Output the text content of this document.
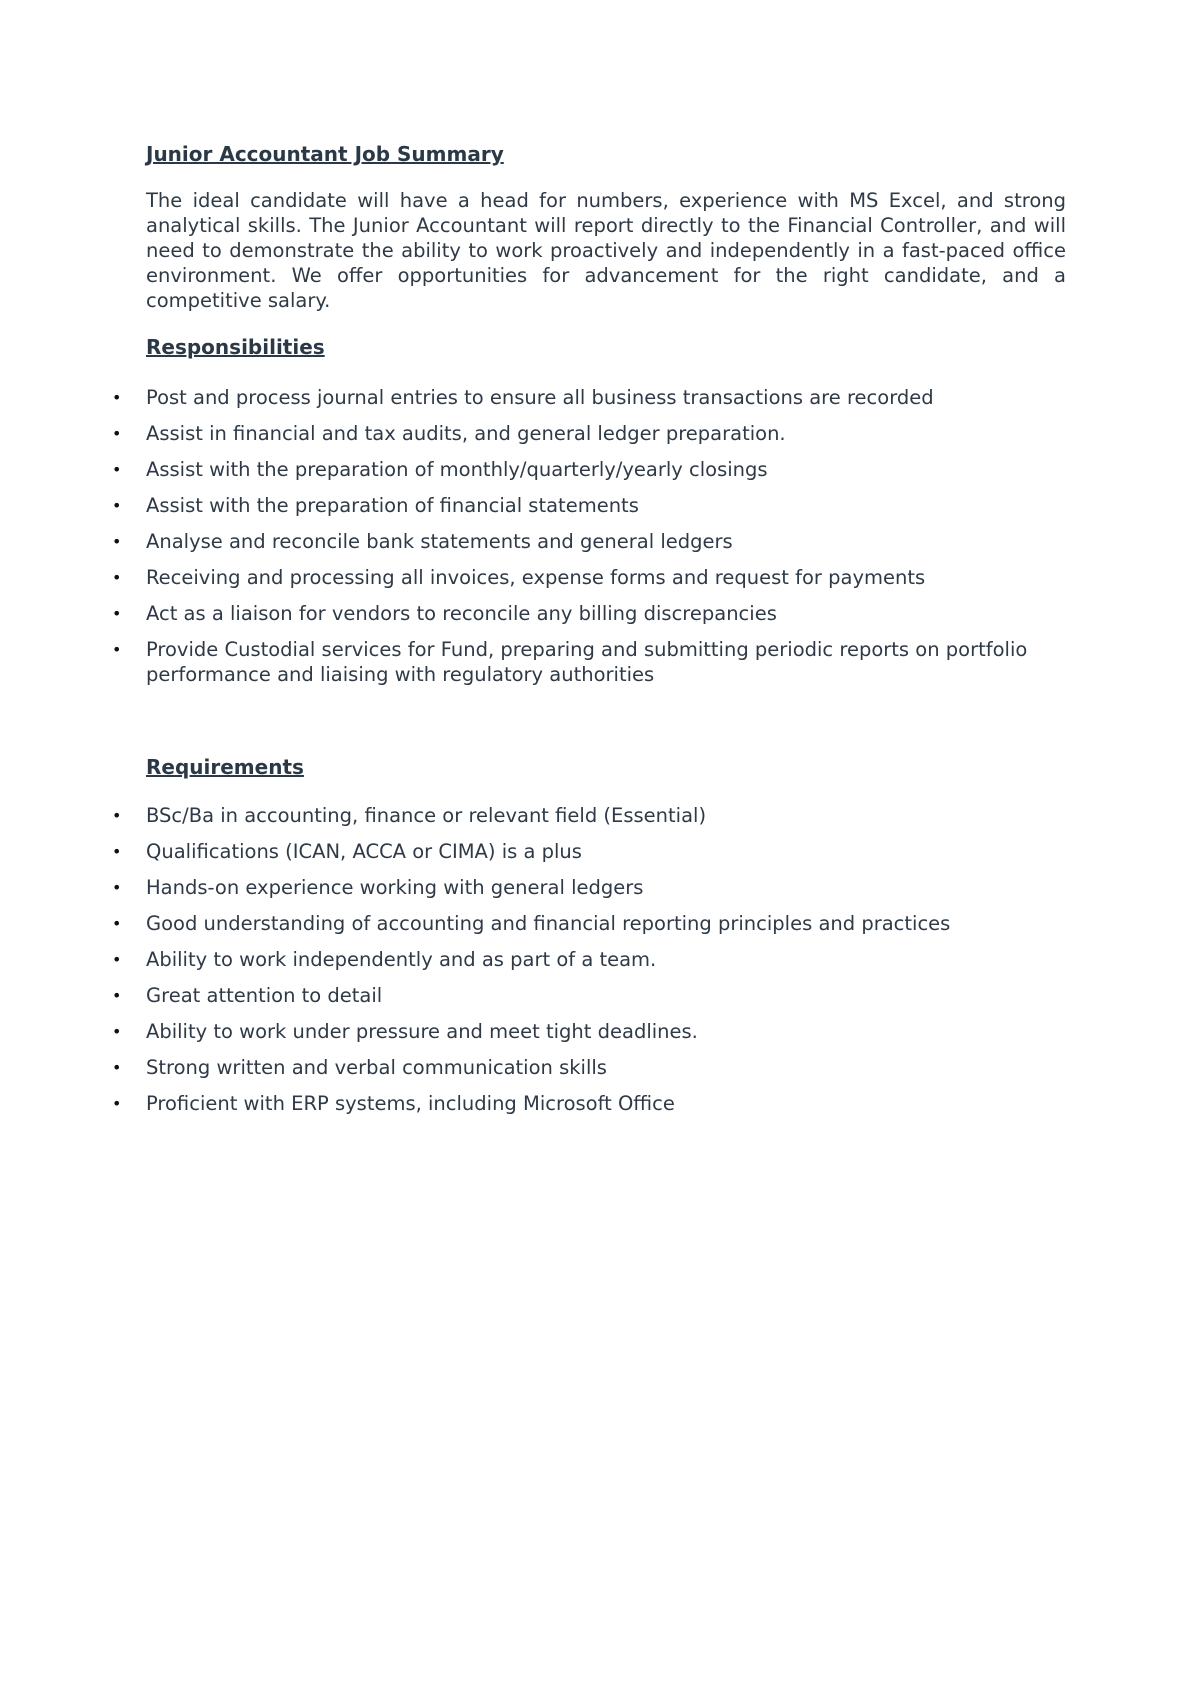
Junior Accountant Job Summary

The ideal candidate will have a head for numbers, experience with MS Excel, and strong analytical skills. The Junior Accountant will report directly to the Financial Controller, and will need to demonstrate the ability to work proactively and independently in a fast-paced office environment. We offer opportunities for advancement for the right candidate, and a competitive salary.

Responsibilities
• Post and process journal entries to ensure all business transactions are recorded
• Assist in financial and tax audits, and general ledger preparation.
• Assist with the preparation of monthly/quarterly/yearly closings
• Assist with the preparation of financial statements
• Analyse and reconcile bank statements and general ledgers
• Receiving and processing all invoices, expense forms and request for payments
• Act as a liaison for vendors to reconcile any billing discrepancies
• Provide Custodial services for Fund, preparing and submitting periodic reports on portfolio performance and liaising with regulatory authorities
Requirements
• BSc/Ba in accounting, finance or relevant field (Essential)
• Qualifications (ICAN, ACCA or CIMA) is a plus
• Hands-on experience working with general ledgers
• Good understanding of accounting and financial reporting principles and practices
• Ability to work independently and as part of a team.
• Great attention to detail
• Ability to work under pressure and meet tight deadlines.
• Strong written and verbal communication skills
• Proficient with ERP systems, including Microsoft Office
